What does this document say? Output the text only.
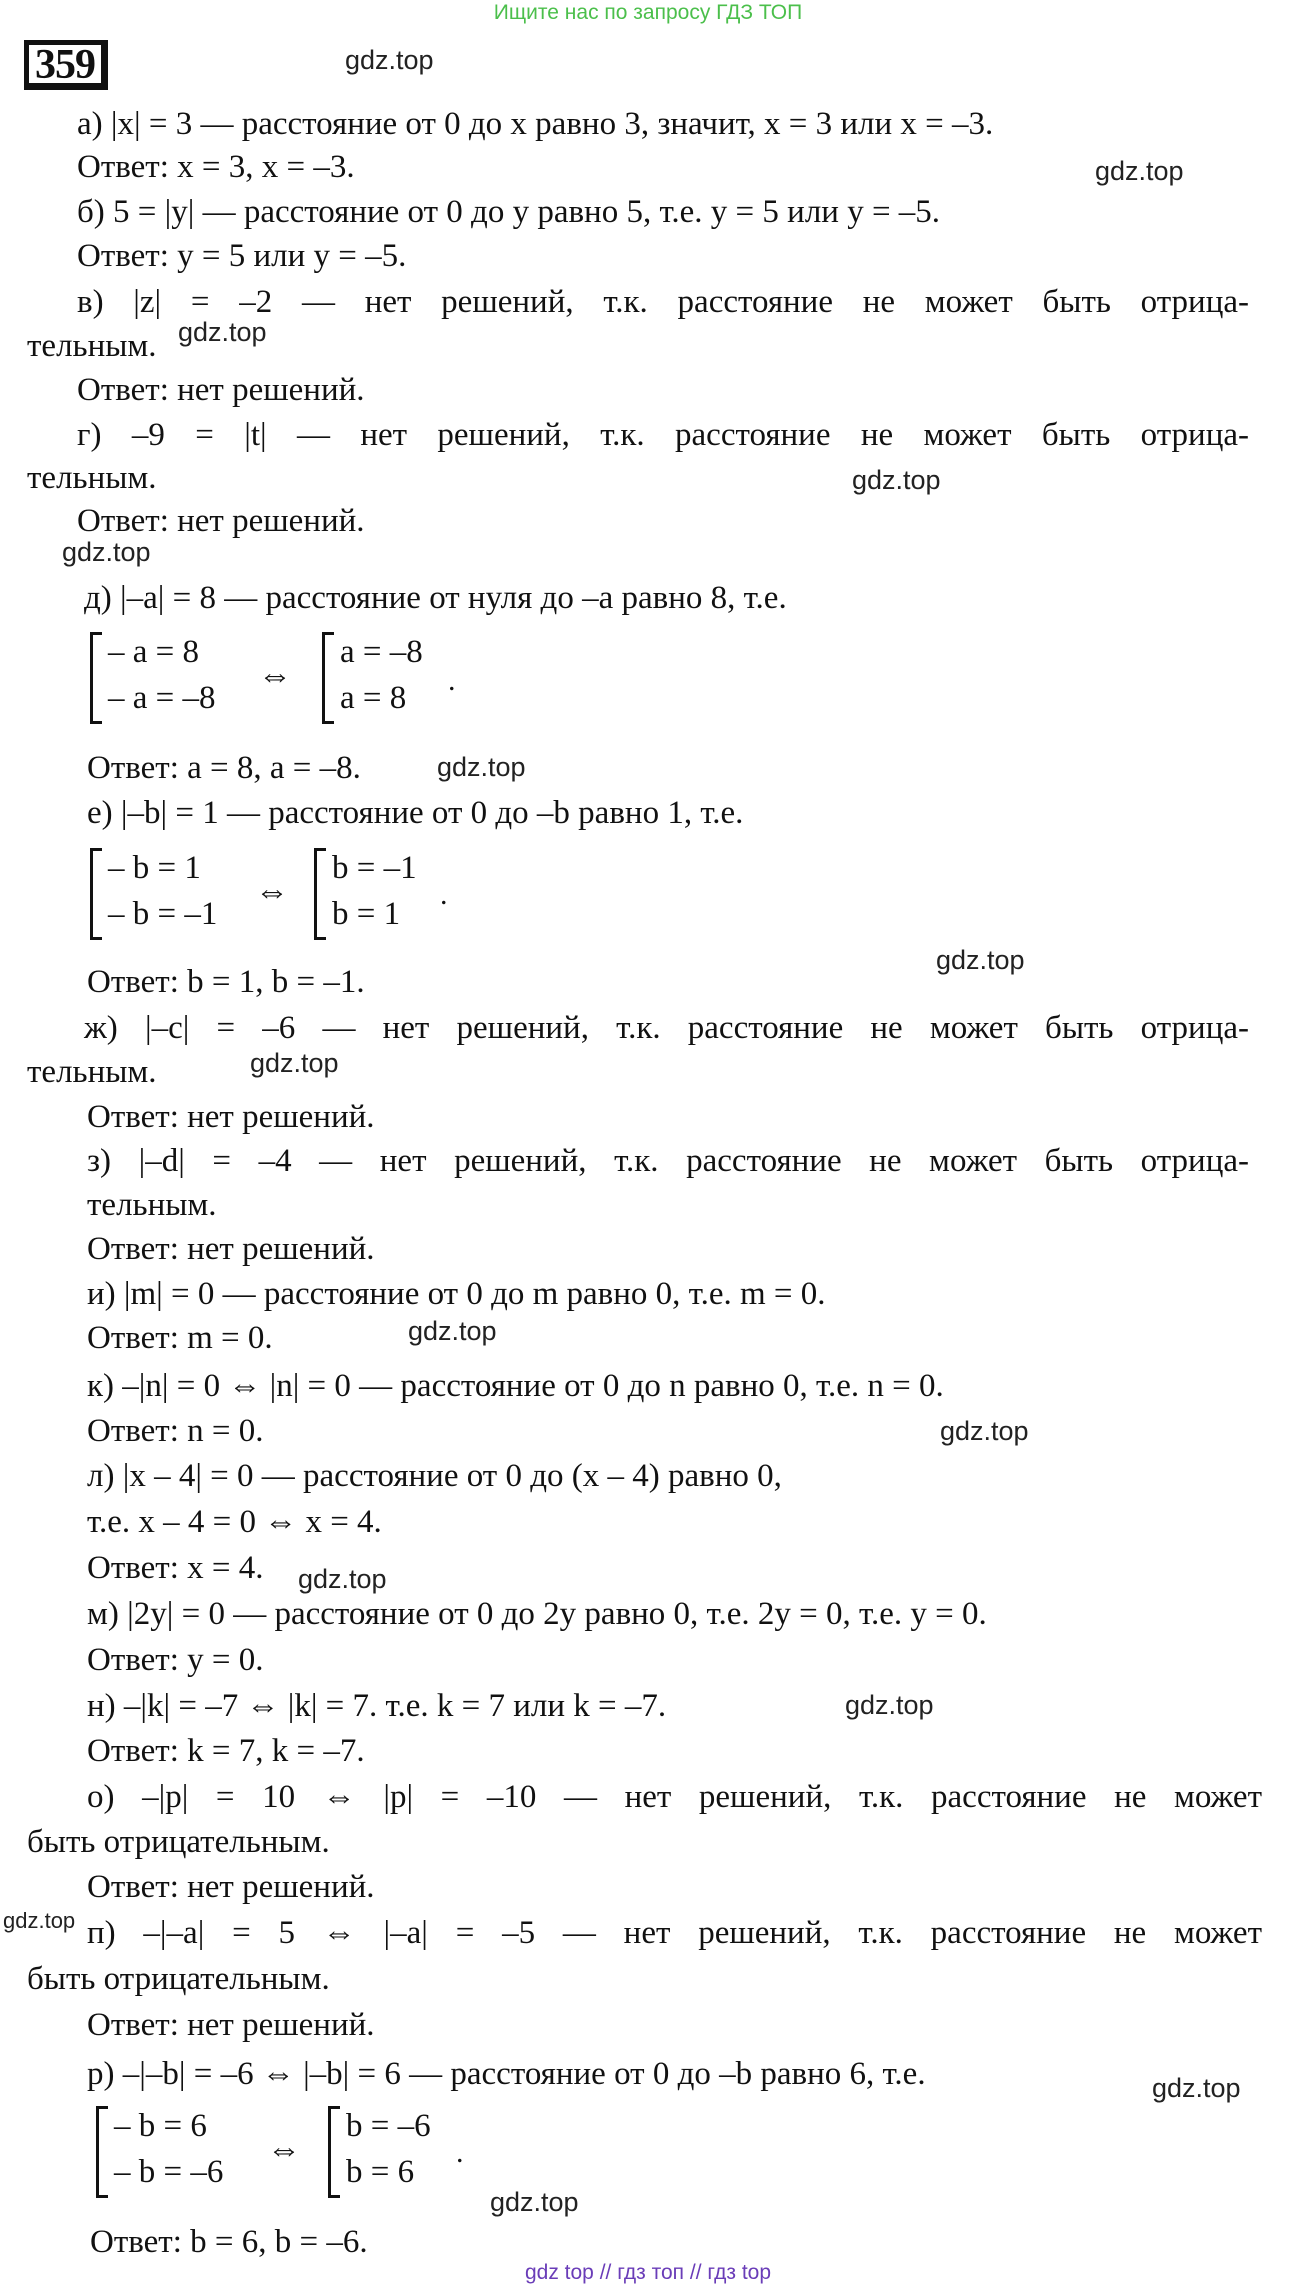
Ищите нас по запросу ГДЗ ТОП
359	gdz.top
gdz.top
gdz.top
gdz.top
gdz.top
gdz.top
gdz.top
gdz.top
gdz.top
gdz.top
gdz.top
gdz.top
gdz.top
gdz.top
gdz.top
а) |x| = 3 — расстояние от 0 до x равно 3, значит, x = 3 или x = –3.
Ответ: x = 3, x = –3.
б) 5 = |y| — расстояние от 0 до y равно 5, т.е. y = 5 или y = –5.
Ответ: y = 5 или y = –5.
в) |z| = –2 — нет решений, т.к. расстояние не может быть отрица-
тельным.
Ответ: нет решений.
г) –9 = |t| — нет решений, т.к. расстояние не может быть отрица-
тельным.
Ответ: нет решений.
д) |–a| = 8 — расстояние от нуля до –a равно 8, т.е.
– a = 8
– a = –8
⇔
a = –8
a = 8 .
Ответ: a = 8, a = –8.
е) |–b| = 1 — расстояние от 0 до –b равно 1, т.е.
– b = 1
– b = –1
⇔
b = –1
b = 1
.
Ответ: b = 1, b = –1.
ж) |–c| = –6 — нет решений, т.к. расстояние не может быть отрица-
тельным.
Ответ: нет решений.
з) |–d| = –4 — нет решений, т.к. расстояние не может быть отрица-
тельным.
Ответ: нет решений.
и) |m| = 0 — расстояние от 0 до m равно 0, т.е. m = 0.
Ответ: m = 0.
к) –|n| = 0 ⇔ |n| = 0 — расстояние от 0 до n равно 0, т.е. n = 0.
Ответ: n = 0.
л) |x – 4| = 0 — расстояние от 0 до (x – 4) равно 0,
т.е. x – 4 = 0 ⇔ x = 4.
Ответ: x = 4.
м) |2y| = 0 — расстояние от 0 до 2y равно 0, т.е. 2y = 0, т.е. y = 0.
Ответ: y = 0.
н) –|k| = –7 ⇔ |k| = 7. т.е. k = 7 или k = –7.
Ответ: k = 7, k = –7.
о) –|p| = 10 ⇔ |p| = –10 — нет решений, т.к. расстояние не может
быть отрицательным.
Ответ: нет решений.
п) –|–a| = 5 ⇔ |–a| = –5 — нет решений, т.к. расстояние не может
быть отрицательным.
Ответ: нет решений.
р) –|–b| = –6 ⇔ |–b| = 6 — расстояние от 0 до –b равно 6, т.е.
– b = 6
– b = –6
⇔
b = –6
b = 6
.
Ответ: b = 6, b = –6.
gdz top // гдз топ // гдз top
